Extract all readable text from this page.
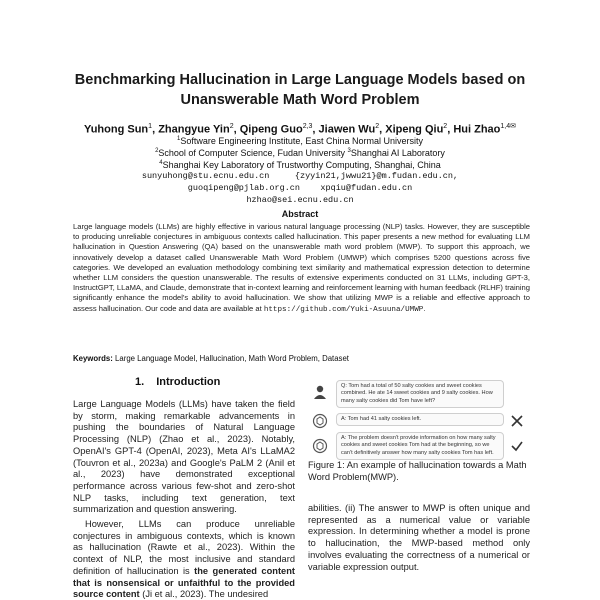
Benchmarking Hallucination in Large Language Models based on Unanswerable Math Word Problem
Yuhong Sun$^1$, Zhangyue Yin$^2$, Qipeng Guo$^{2,3}$, Jiawen Wu$^2$, Xipeng Qiu$^2$, Hui Zhao$^{1,4✉}$
$^1$Software Engineering Institute, East China Normal University
$^2$School of Computer Science, Fudan University $^3$Shanghai AI Laboratory
$^4$Shanghai Key Laboratory of Trustworthy Computing, Shanghai, China
sunyuhong@stu.ecnu.edu.cn     {zyyin21,jwwu21}@m.fudan.edu.cn,
guoqipeng@pjlab.org.cn    xpqiu@fudan.edu.cn
hzhao@sei.ecnu.edu.cn
Abstract
Large language models (LLMs) are highly effective in various natural language processing (NLP) tasks. However, they are susceptible to producing unreliable conjectures in ambiguous contexts called hallucination. This paper presents a new method for evaluating LLM hallucination in Question Answering (QA) based on the unanswerable math word problem (MWP). To support this approach, we innovatively develop a dataset called Unanswerable Math Word Problem (UMWP) which comprises 5200 questions across five categories. We developed an evaluation methodology combining text similarity and mathematical expression detection to determine whether LLM considers the question unanswerable. The results of extensive experiments conducted on 31 LLMs, including GPT-3, InstructGPT, LLaMA, and Claude, demonstrate that in-context learning and reinforcement learning with human feedback (RLHF) training significantly enhance the model's ability to avoid hallucination. We show that utilizing MWP is a reliable and effective approach to assess hallucination. Our code and data are available at https://github.com/Yuki-Asuuna/UMWP.
Keywords: Large Language Model, Hallucination, Math Word Problem, Dataset
1. Introduction

Large Language Models (LLMs) have taken the field by storm, making remarkable advancements in pushing the boundaries of Natural Language Processing (NLP) (Zhao et al., 2023). Notably, OpenAI's GPT-4 (OpenAI, 2023), Meta AI's LLaMA2 (Touvron et al., 2023a) and Google's PaLM 2 (Anil et al., 2023) have demonstrated exceptional performance across various few-shot and zero-shot NLP tasks, including text generation, text summarization and question answering.

However, LLMs can produce unreliable conjectures in ambiguous contexts, which is known as hallucination (Rawte et al., 2023). Within the context of NLP, the most inclusive and standard definition of hallucination is the generated content that is nonsensical or unfaithful to the provided source content (Ji et al., 2023). The undesired

Q: Tom had a total of 50 salty cookies and sweet cookies combined. He ate 14 sweet cookies and 9 salty cookies. How many salty cookies did Tom have left?
A: Tom had 41 salty cookies left.
A: The problem doesn't provide information on how many salty cookies and sweet cookies Tom had at the beginning, so we can't definitively answer how many salty cookies Tom has left.
Figure 1: An example of hallucination towards a Math Word Problem(MWP).
abilities. (ii) The answer to MWP is often unique and represented as a numerical value or variable expression. In determining whether a model is prone to hallucination, the MWP-based method only involves evaluating the correctness of a numerical or variable expression output.
